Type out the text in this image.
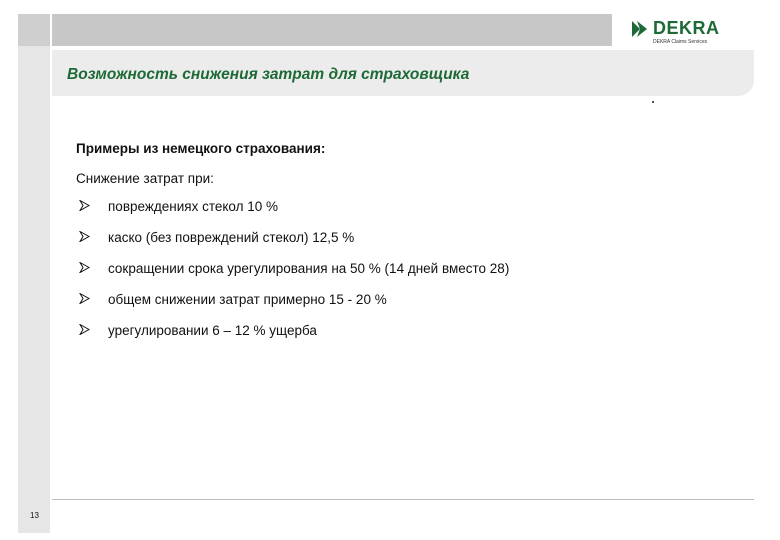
DEKRA
DEKRA Claims Services
Возможность снижения затрат для страховщика
Примеры из немецкого страхования:
Снижение затрат при:
повреждениях стекол 10 %
каско (без повреждений стекол) 12,5 %
сокращении срока урегулирования на 50 % (14 дней вместо 28)
общем снижении затрат примерно 15 - 20 %
урегулировании 6 – 12 % ущерба
13
